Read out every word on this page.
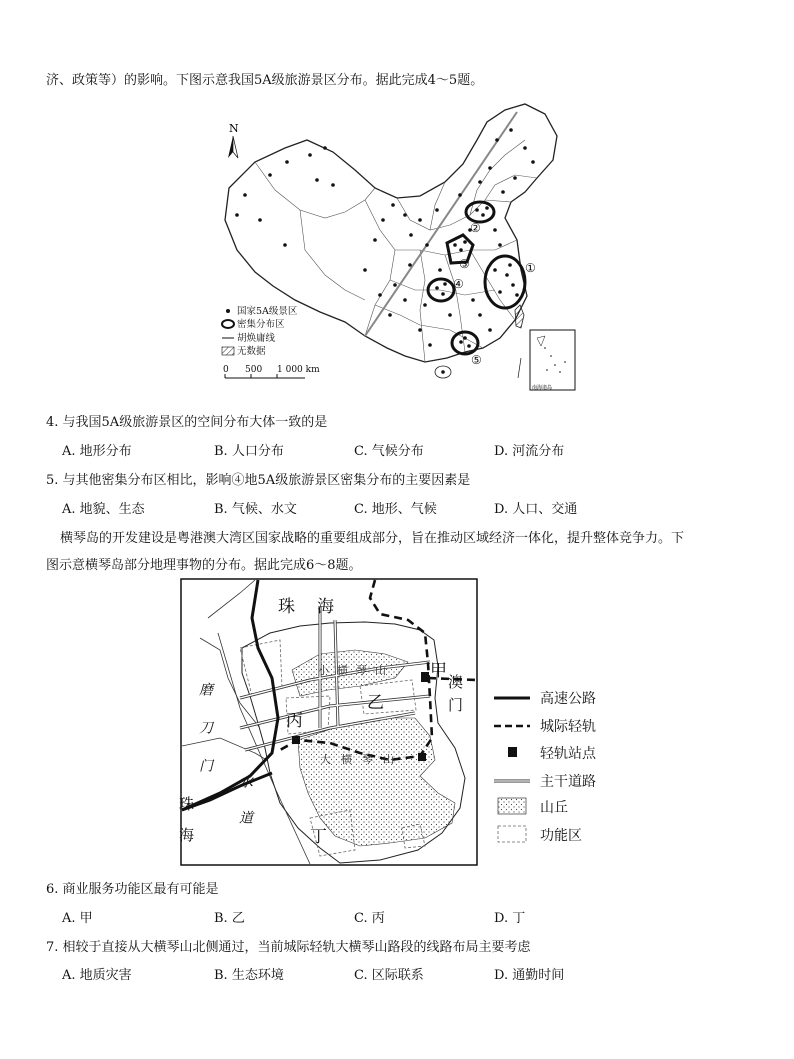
济、政策等）的影响。下图示意我国5A级旅游景区分布。据此完成4～5题。
①
②
③
④
⑤
N
国家5A级景区
密集分布区
胡焕庸线
无数据
0 500 1 000 km
南海诸岛
4. 与我国5A级旅游景区的空间分布大体一致的是
A. 地形分布	B. 人口分布	C. 气候分布	D. 河流分布
5. 与其他密集分布区相比，影响④地5A级旅游景区密集分布的主要因素是
A. 地貌、生态	B. 气候、水文	C. 地形、气候	D. 人口、交通
横琴岛的开发建设是粤港澳大湾区国家战略的重要组成部分，旨在推动区域经济一体化，提升整体竞争力。下
图示意横琴岛部分地理事物的分布。据此完成6～8题。
珠海
甲
乙
丙
丁
澳门
珠海
磨刀门
水道
小横琴山
大横琴山
高速公路
城际轻轨
轻轨站点
主干道路
山丘
功能区
6. 商业服务功能区最有可能是
A. 甲	B. 乙	C. 丙	D. 丁
7. 相较于直接从大横琴山北侧通过，当前城际轻轨大横琴山路段的线路布局主要考虑
A. 地质灾害	B. 生态环境	C. 区际联系	D. 通勤时间
